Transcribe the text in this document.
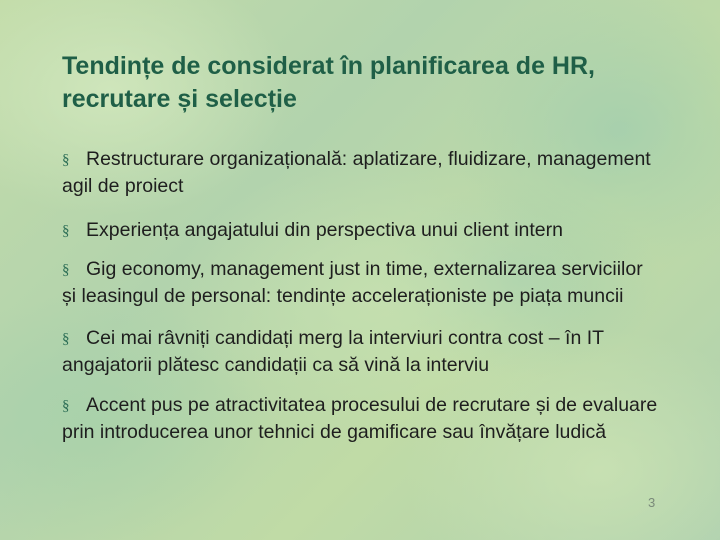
Tendințe de considerat în planificarea de HR, recrutare și selecție
§ Restructurare organizațională: aplatizare, fluidizare, management agil de proiect
§ Experiența angajatului din perspectiva unui client intern
§ Gig economy, management just in time, externalizarea serviciilor și leasingul de personal: tendințe acceleraționiste pe piața muncii
§ Cei mai râvniți candidați merg la interviuri contra cost – în IT angajatorii plătesc candidații ca să vină la interviu
§ Accent pus pe atractivitatea procesului de recrutare și de evaluare prin introducerea unor tehnici de gamificare sau învățare ludică
3
